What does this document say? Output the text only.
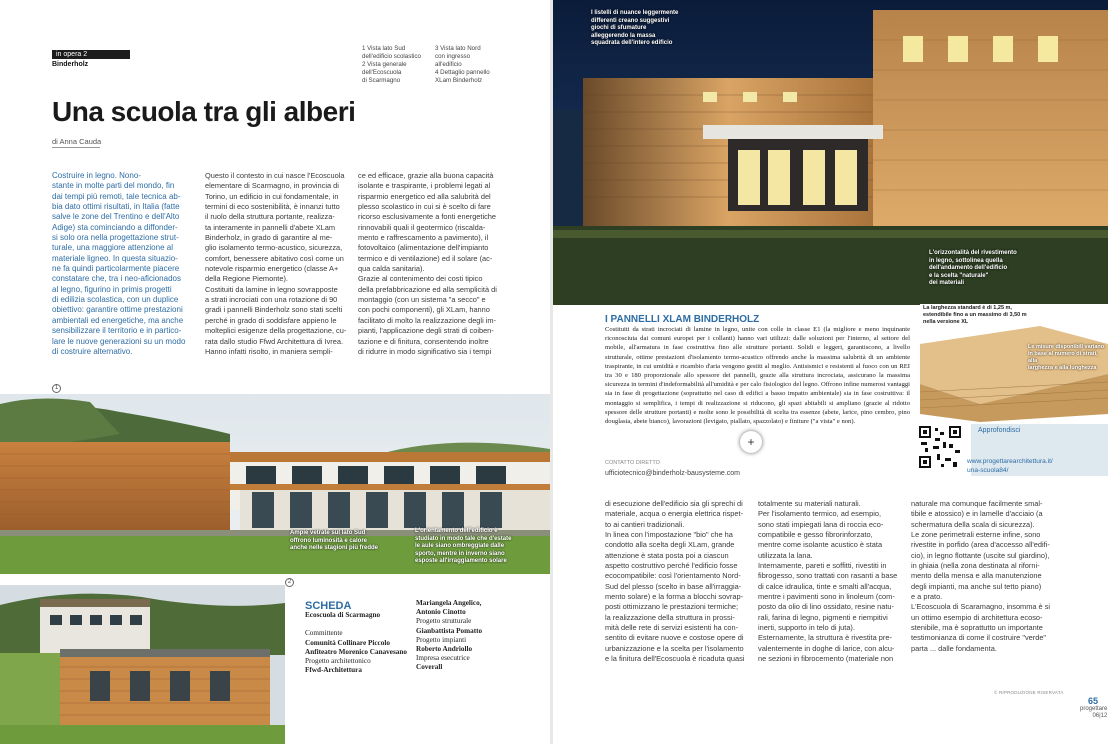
in opera 2
Binderholz
1 Vista lato Sud
dell'edificio scolastico
2 Vista generale
dell'Ecoscuola
di Scarmagno
3 Vista lato Nord
con ingresso
all'edificio
4 Dettaglio pannello
XLam Binderholz
Una scuola tra gli alberi
di Anna Cauda
Costruire in legno. Nono-
stante in molte parti del mondo, fin
dai tempi più remoti, tale tecnica ab-
bia dato ottimi risultati, in Italia (fatte
salve le zone del Trentino e dell'Alto
Adige) sta cominciando a diffonder-
si solo ora nella progettazione strut-
turale, una maggiore attenzione al
materiale ligneo. In questa situazio-
ne fa quindi particolarmente piacere
constatare che, tra i neo-aficionados
al legno, figurino in primis progetti
di edilizia scolastica, con un duplice
obiettivo: garantire ottime prestazioni
ambientali ed energetiche, ma anche
sensibilizzare il territorio e in partico-
lare le nuove generazioni su un modo
di costruire alternativo.
Questo il contesto in cui nasce l'Ecoscuola
elementare di Scarmagno, in provincia di
Torino, un edificio in cui fondamentale, in
termini di eco sostenibilità, è innanzi tutto
il ruolo della struttura portante, realizza-
ta interamente in pannelli d'abete XLam
Binderholz, in grado di garantire al me-
glio isolamento termo-acustico, sicurezza,
comfort, benessere abitativo così come un
notevole risparmio energetico (classe A+
della Regione Piemonte).
Costituiti da lamine in legno sovrapposte
a strati incrociati con una rotazione di 90
gradi i pannelli Binderholz sono stati scelti
perché in grado di soddisfare appieno le
molteplici esigenze della progettazione, cu-
rata dallo studio Ffwd Architettura di Ivrea.
Hanno infatti risolto, in maniera sempli-
ce ed efficace, grazie alla buona capacità
isolante e traspirante, i problemi legati al
risparmio energetico ed alla salubrità del
plesso scolastico in cui si è scelto di fare
ricorso esclusivamente a fonti energetiche
rinnovabili quali il geotermico (riscalda-
mento e raffrescamento a pavimento), il
fotovoltaico (alimentazione dell'impianto
termico e di ventilazione) ed il solare (ac-
qua calda sanitaria).
Grazie al contenimento dei costi tipico
della prefabbricazione ed alla semplicità di
montaggio (con un sistema "a secco" e
con pochi componenti), gli XLam, hanno
facilitato di molto la realizzazione degli im-
pianti, l'applicazione degli strati di coiben-
tazione e di finitura, consentendo inoltre
di ridurre in modo significativo sia i tempi
1
Ampie vetrate sul lato Sud
offrono luminosità e calore
anche nelle stagioni più fredde
L'orientamento dell'edificio è
studiato in modo tale che d'estate
le aule siano ombreggiate dalle
sporto, mentre in inverno siano
esposte all'irraggiamento solare
2
SCHEDA
Ecoscuola di Scarmagno

Committente
Comunità Collinare Piccolo
Anfiteatro Morenico Canavesano
Progetto architettonico
Ffwd-Architettura
Mariangela Angelico,
Antonio Cinotto
Progetto strutturale
Gianbattista Pomatto
Progetto impianti
Roberto Andriollo
Impresa esecutrice
Coverall
I listelli di nuance leggermente
differenti creano suggestivi
giochi di sfumature
alleggerendo la massa
squadrata dell'intero edificio
L'orizzontalità del rivestimento
in legno, sottolinea quella
dell'andamento dell'edificio
e la scelta "naturale"
dei materiali
I PANNELLI XLAM BINDERHOLZ
Costituiti da strati incrociati di lamine in legno, unite con colle in classe E1 (la migliore e meno inquinante riconosciuta dai comuni europei per i collanti) hanno vari utilizzi: dalle soluzioni per l'interno, al settore del mobile, all'armatura in fase costruttiva fino alle strutture portanti. Solidi e leggeri, garantiscono, a livello strutturale, ottime prestazioni d'isolamento termo-acustico offrendo anche la massima salubrità di un ambiente traspirante, in cui umidità e ricambio d'aria vengono gestiti al meglio. Antisismici e resistenti al fuoco con un REI tra 30 e 180 proporzionale allo spessore dei pannelli, grazie alla struttura incrociata, assicurano la massima sicurezza in termini d'indeformabilità all'umidità e per calo fisiologico del legno. Offrono infine numerosi vantaggi sia in fase di progettazione (soprattutto nel caso di edifici a basso impatto ambientale) sia in fase costruttiva: il montaggio si semplifica, i tempi di realizzazione si riducono, gli spazi abitabili si ampliano (grazie al ridotto spessore delle strutture portanti) e molte sono le possibilità di scelta tra essenze (abete, larice, pino cembro, pino douglasia, abete bianco), lavorazioni (levigato, piallato, spazzolato) e finiture ("a vista" e non).
CONTATTO DIRETTO
ufficiotecnico@binderholz-bausysteme.com
+
La larghezza standard è di 1,25 m,
estendibile fino a un massimo di 3,50 m
nella versione XL
Le misure disponibili variano
in base al numero di strati, alla
larghezza e alla lunghezza
Approfondisci
www.progettarearchitettura.it/
una-scuola84/
di esecuzione dell'edificio sia gli sprechi di
materiale, acqua o energia elettrica rispet-
to ai cantieri tradizionali.
In linea con l'impostazione "bio" che ha
condotto alla scelta degli XLam, grande
attenzione è stata posta poi a ciascun
aspetto costruttivo perché l'edificio fosse
ecocompatibile: così l'orientamento Nord-
Sud del plesso (scelto in base all'irraggia-
mento solare) e la forma a blocchi sovrap-
posti ottimizzano le prestazioni termiche;
la realizzazione della struttura in prossi-
mità delle rete di servizi esistenti ha con-
sentito di evitare nuove e costose opere di
urbanizzazione e la scelta per l'isolamento
e la finitura dell'Ecoscuola è ricaduta quasi
totalmente su materiali naturali.
Per l'isolamento termico, ad esempio,
sono stati impiegati lana di roccia eco-
compatibile e gesso fibrorinforzato,
mentre come isolante acustico è stata
utilizzata la lana.
Internamente, pareti e soffitti, rivestiti in
fibrogesso, sono trattati con rasanti a base
di calce idraulica, tinte e smalti all'acqua,
mentre i pavimenti sono in linoleum (com-
posto da olio di lino ossidato, resine natu-
rali, farina di legno, pigmenti e riempitivi
inerti, supporto in telo di juta).
Esternamente, la struttura è rivestita pre-
valentemente in doghe di larice, con alcu-
ne sezioni in fibrocemento (materiale non
naturale ma comunque facilmente smal-
tibile e atossico) e in lamelle d'acciaio (a
schermatura della scala di sicurezza).
Le zone perimetrali esterne infine, sono
rivestite in porfido (area d'accesso all'edifi-
cio), in legno flottante (uscite sul giardino),
in ghiaia (nella zona destinata al riforni-
mento della mensa e alla manutenzione
degli impianti, ma anche sul tetto piano)
e a prato.
L'Ecoscuola di Scaramagno, insomma è si
un ottimo esempio di architettura ecoso-
stenibile, ma è soprattutto un importante
testimonianza di come il costruire "verde"
parta ... dalle fondamenta.
© RIPRODUZIONE RISERVATA
65
progettare
06|12
